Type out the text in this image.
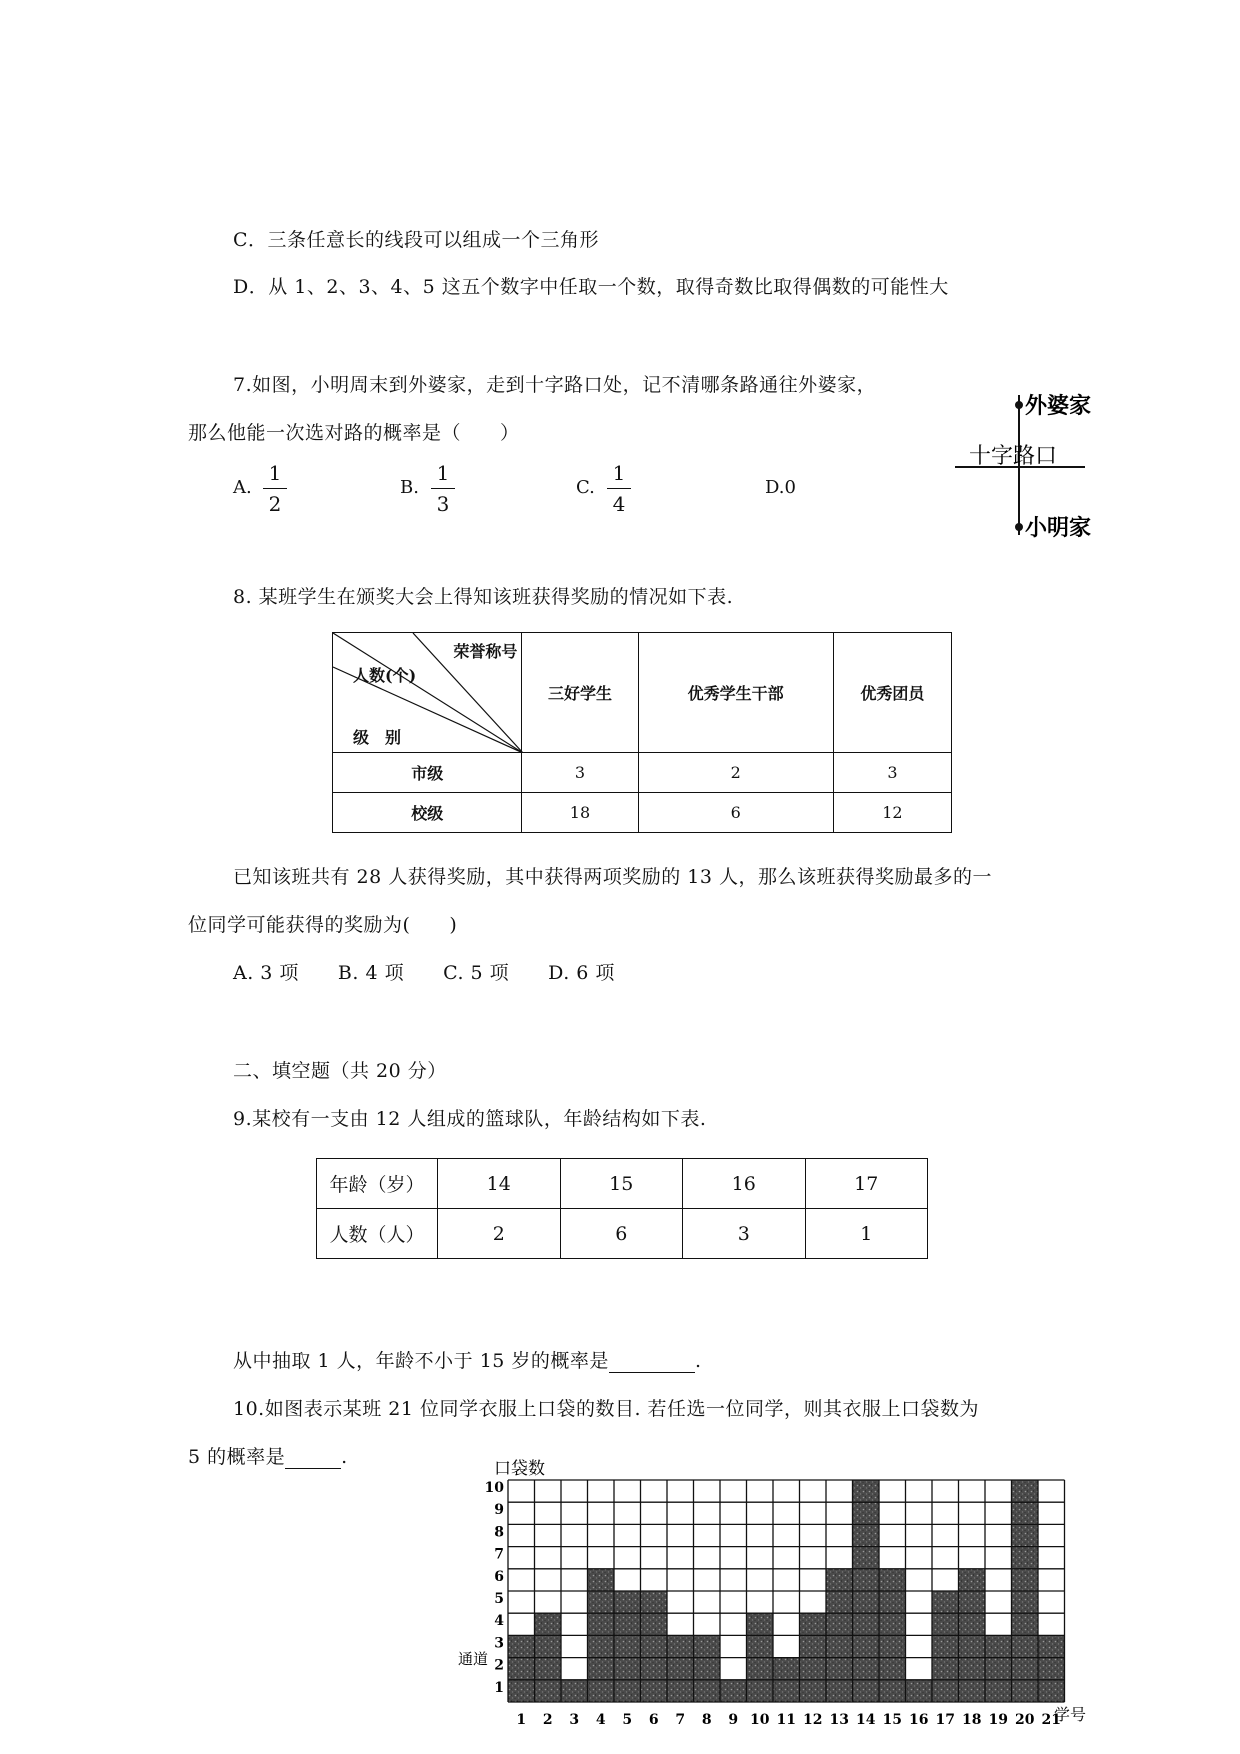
C．三条任意长的线段可以组成一个三角形
D．从 1、2、3、4、5 这五个数字中任取一个数，取得奇数比取得偶数的可能性大
7.如图，小明周末到外婆家，走到十字路口处，记不清哪条路通往外婆家，
那么他能一次选对路的概率是（　　）
A.
1
2
B.
1
3
C.
1
4
D.0
外婆家
十字路口
小明家
8. 某班学生在颁奖大会上得知该班获得奖励的情况如下表.
荣誉称号
人数(个)
级　别	三好学生	优秀学生干部	优秀团员
市级	3	2	3
校级	18	6	12
已知该班共有 28 人获得奖励，其中获得两项奖励的 13 人，那么该班获得奖励最多的一
位同学可能获得的奖励为(　　)
A. 3 项　　B. 4 项　　C. 5 项　　D. 6 项
二、填空题（共 20 分）
9.某校有一支由 12 人组成的篮球队，年龄结构如下表.
年龄（岁）	14	15	16	17
人数（人）	2	6	3	1
从中抽取 1 人，年龄不小于 15 岁的概率是	.
10.如图表示某班 21 位同学衣服上口袋的数目. 若任选一位同学，则其衣服上口袋数为
5 的概率是	.
口袋数
通道
学号
1
2
3
4
5
6
7
8
9
10
1 2 3 4 5 6 7 8 9 10 11 12 13 14 15 16 17 18 19 20 21
